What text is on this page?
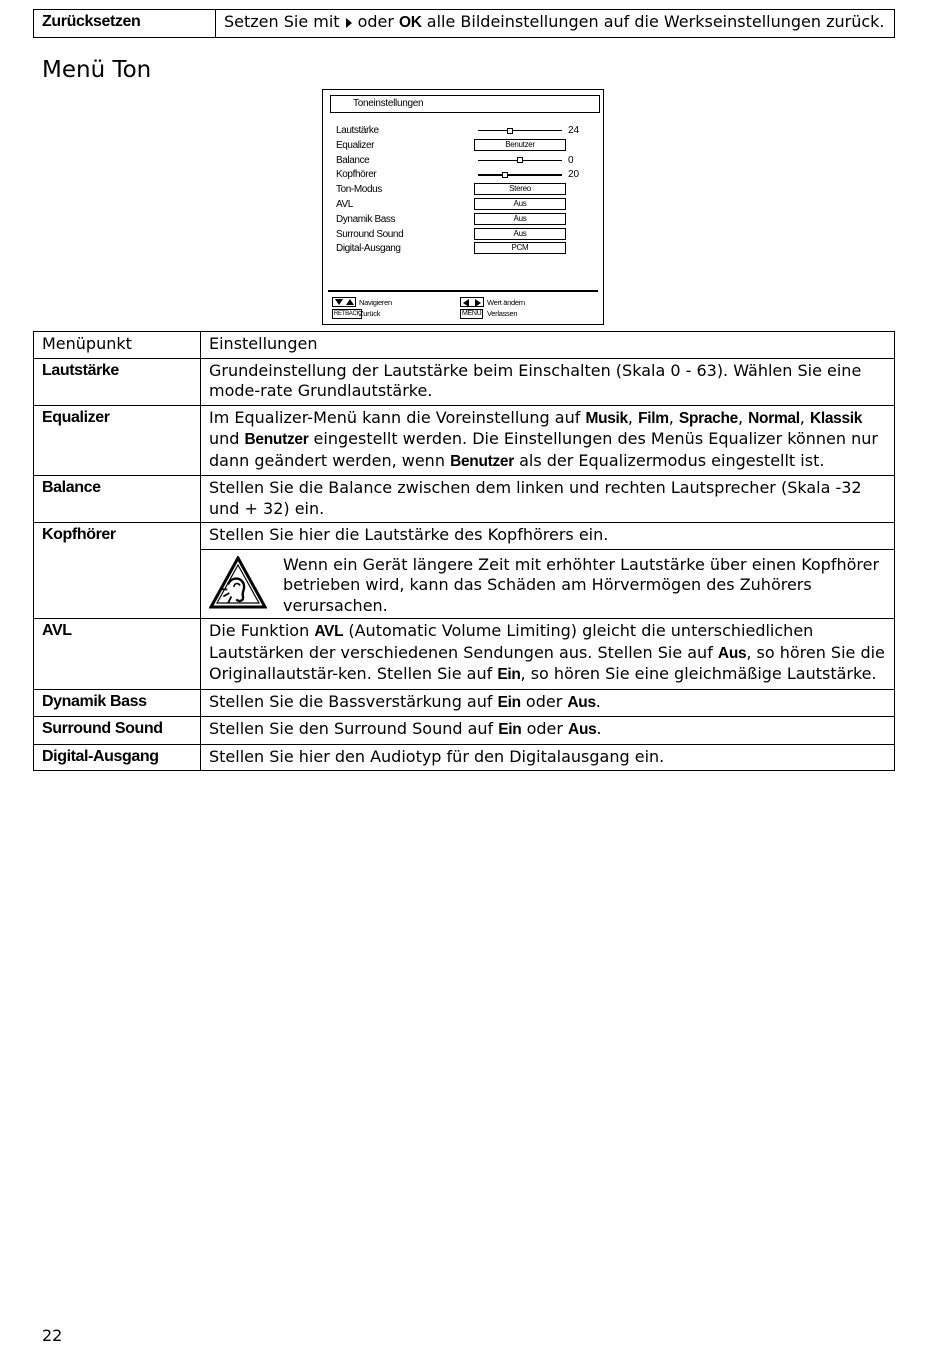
Zurücksetzen	Setzen Sie mit oder OK alle Bildeinstellungen auf die Werkseinstellungen zurück.
Menü Ton
Toneinstellungen
Lautstärke	24
Equalizer	Benutzer
Balance	0
Kopfhörer	20
Ton-Modus	Stereo
AVL	Aus
Dynamik Bass	Aus
Surround Sound	Aus
Digital-Ausgang	PCM
Navigieren
RETBACK
Zurück
Wert ändern
MENU Verlassen
Menüpunkt	Einstellungen
Lautstärke	Grundeinstellung der Lautstärke beim Einschalten (Skala 0 - 63). Wählen Sie eine mode-rate Grundlautstärke.
Equalizer	Im Equalizer-Menü kann die Voreinstellung auf Musik, Film, Sprache, Normal, Klassik und Benutzer eingestellt werden. Die Einstellungen des Menüs Equalizer können nur dann geändert werden, wenn Benutzer als der Equalizermodus eingestellt ist.
Balance	Stellen Sie die Balance zwischen dem linken und rechten Lautsprecher (Skala -32 und + 32) ein.
Kopfhörer	Stellen Sie hier die Lautstärke des Kopfhörers ein.

	Wenn ein Gerät längere Zeit mit erhöhter Lautstärke über einen Kopfhörer betrieben wird, kann das Schäden am Hörvermögen des Zuhörers verursachen.

AVL	Die Funktion AVL (Automatic Volume Limiting) gleicht die unterschiedlichen Lautstärken der verschiedenen Sendungen aus. Stellen Sie auf Aus, so hören Sie die Originallautstär-ken. Stellen Sie auf Ein, so hören Sie eine gleichmäßige Lautstärke.
Dynamik Bass	Stellen Sie die Bassverstärkung auf Ein oder Aus.
Surround Sound	Stellen Sie den Surround Sound auf Ein oder Aus.
Digital-Ausgang	Stellen Sie hier den Audiotyp für den Digitalausgang ein.
22
